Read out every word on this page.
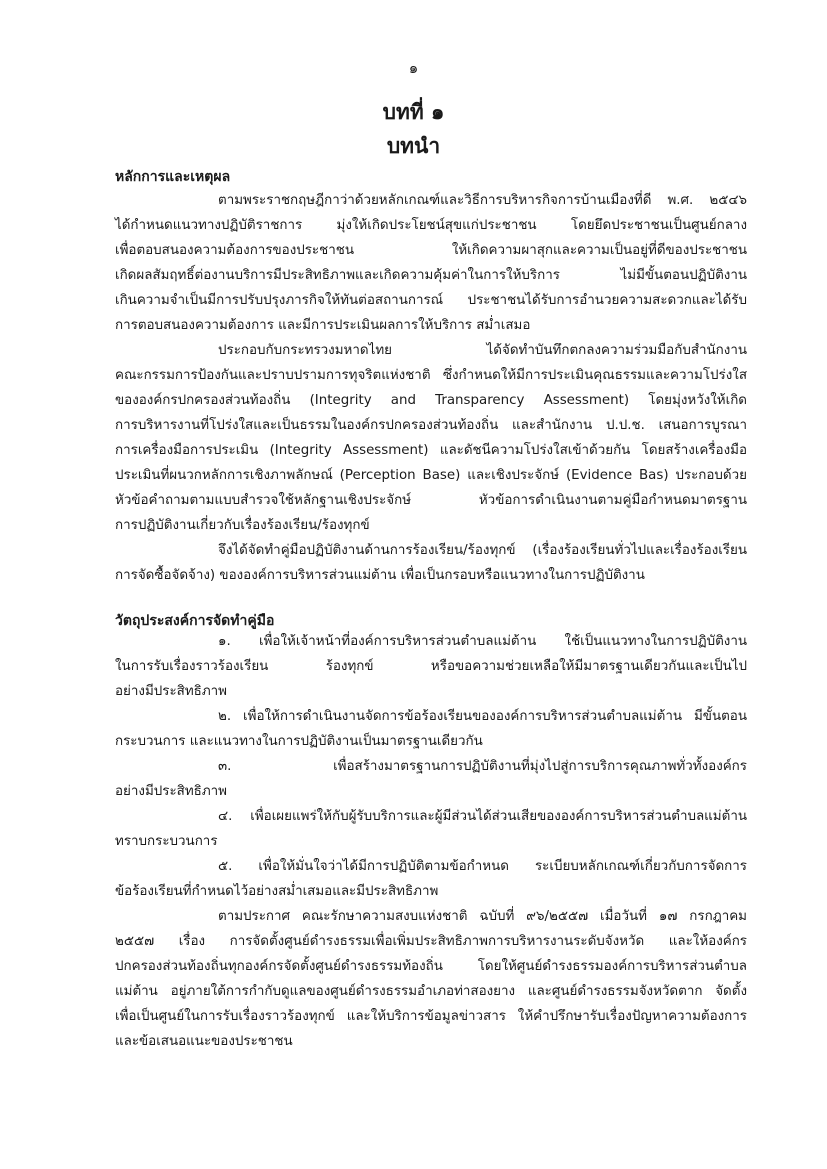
๑
บทที่ ๑
บทนำ
หลักการและเหตุผล
ตามพระราชกฤษฎีกาว่าด้วยหลักเกณฑ์และวิธีการบริหารกิจการบ้านเมืองที่ดี พ.ศ. ๒๕๔๖
ได้กำหนดแนวทางปฏิบัติราชการ มุ่งให้เกิดประโยชน์สุขแก่ประชาชน โดยยึดประชาชนเป็นศูนย์กลาง
เพื่อตอบสนองความต้องการของประชาชน ให้เกิดความผาสุกและความเป็นอยู่ที่ดีของประชาชน
เกิดผลสัมฤทธิ์ต่องานบริการมีประสิทธิภาพและเกิดความคุ้มค่าในการให้บริการ ไม่มีขั้นตอนปฏิบัติงาน
เกินความจำเป็นมีการปรับปรุงภารกิจให้ทันต่อสถานการณ์ ประชาชนได้รับการอำนวยความสะดวกและได้รับ
การตอบสนองความต้องการ และมีการประเมินผลการให้บริการ สม่ำเสมอ
ประกอบกับกระทรวงมหาดไทย ได้จัดทำบันทึกตกลงความร่วมมือกับสำนักงาน
คณะกรรมการป้องกันและปราบปรามการทุจริตแห่งชาติ ซึ่งกำหนดให้มีการประเมินคุณธรรมและความโปร่งใส
ขององค์กรปกครองส่วนท้องถิ่น (Integrity and Transparency Assessment) โดยมุ่งหวังให้เกิด
การบริหารงานที่โปร่งใสและเป็นธรรมในองค์กรปกครองส่วนท้องถิ่น และสำนักงาน ป.ป.ช. เสนอการบูรณา
การเครื่องมือการประเมิน (Integrity Assessment) และดัชนีความโปร่งใสเข้าด้วยกัน โดยสร้างเครื่องมือ
ประเมินที่ผนวกหลักการเชิงภาพลักษณ์ (Perception Base) และเชิงประจักษ์ (Evidence Bas) ประกอบด้วย
หัวข้อคำถามตามแบบสำรวจใช้หลักฐานเชิงประจักษ์ หัวข้อการดำเนินงานตามคู่มือกำหนดมาตรฐาน
การปฏิบัติงานเกี่ยวกับเรื่องร้องเรียน/ร้องทุกข์
จึงได้จัดทำคู่มือปฏิบัติงานด้านการร้องเรียน/ร้องทุกข์ (เรื่องร้องเรียนทั่วไปและเรื่องร้องเรียน
การจัดซื้อจัดจ้าง) ขององค์การบริหารส่วนแม่ต้าน เพื่อเป็นกรอบหรือแนวทางในการปฏิบัติงาน
วัตถุประสงค์การจัดทำคู่มือ
๑. เพื่อให้เจ้าหน้าที่องค์การบริหารส่วนตำบลแม่ต้าน ใช้เป็นแนวทางในการปฏิบัติงาน
ในการรับเรื่องราวร้องเรียน ร้องทุกข์ หรือขอความช่วยเหลือให้มีมาตรฐานเดียวกันและเป็นไป
อย่างมีประสิทธิภาพ
๒. เพื่อให้การดำเนินงานจัดการข้อร้องเรียนขององค์การบริหารส่วนตำบลแม่ต้าน มีขั้นตอน
กระบวนการ และแนวทางในการปฏิบัติงานเป็นมาตรฐานเดียวกัน
๓. เพื่อสร้างมาตรฐานการปฏิบัติงานที่มุ่งไปสู่การบริการคุณภาพทั่วทั้งองค์กร
อย่างมีประสิทธิภาพ
๔. เพื่อเผยแพร่ให้กับผู้รับบริการและผู้มีส่วนได้ส่วนเสียขององค์การบริหารส่วนตำบลแม่ต้าน
ทราบกระบวนการ
๕. เพื่อให้มั่นใจว่าได้มีการปฏิบัติตามข้อกำหนด ระเบียบหลักเกณฑ์เกี่ยวกับการจัดการ
ข้อร้องเรียนที่กำหนดไว้อย่างสม่ำเสมอและมีประสิทธิภาพ
ตามประกาศ คณะรักษาความสงบแห่งชาติ ฉบับที่ ๙๖/๒๕๕๗ เมื่อวันที่ ๑๗ กรกฎาคม
๒๕๕๗ เรื่อง การจัดตั้งศูนย์ดำรงธรรมเพื่อเพิ่มประสิทธิภาพการบริหารงานระดับจังหวัด และให้องค์กร
ปกครองส่วนท้องถิ่นทุกองค์กรจัดตั้งศูนย์ดำรงธรรมท้องถิ่น โดยให้ศูนย์ดำรงธรรมองค์การบริหารส่วนตำบล
แม่ต้าน อยู่ภายใต้การกำกับดูแลของศูนย์ดำรงธรรมอำเภอท่าสองยาง และศูนย์ดำรงธรรมจังหวัดตาก จัดตั้ง
เพื่อเป็นศูนย์ในการรับเรื่องราวร้องทุกข์ และให้บริการข้อมูลข่าวสาร ให้คำปรึกษารับเรื่องปัญหาความต้องการ
และข้อเสนอแนะของประชาชน
